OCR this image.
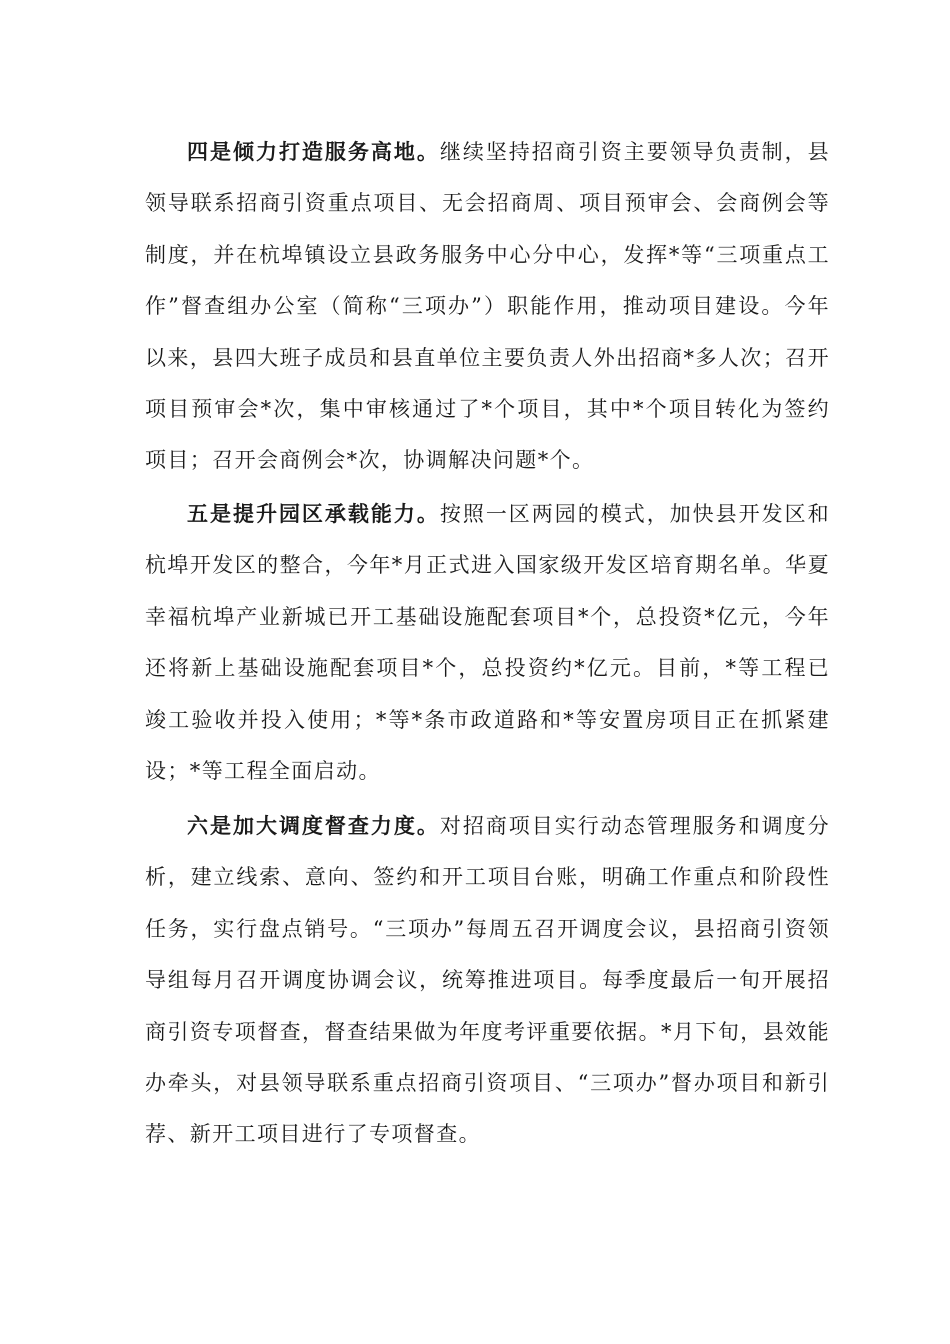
四是倾力打造服务高地。继续坚持招商引资主要领导负责制，县领导联系招商引资重点项目、无会招商周、项目预审会、会商例会等制度，并在杭埠镇设立县政务服务中心分中心，发挥*等“三项重点工作”督查组办公室（简称“三项办”）职能作用，推动项目建设。今年以来，县四大班子成员和县直单位主要负责人外出招商*多人次；召开项目预审会*次，集中审核通过了*个项目，其中*个项目转化为签约项目；召开会商例会*次，协调解决问题*个。

五是提升园区承载能力。按照一区两园的模式，加快县开发区和杭埠开发区的整合，今年*月正式进入国家级开发区培育期名单。华夏幸福杭埠产业新城已开工基础设施配套项目*个，总投资*亿元，今年还将新上基础设施配套项目*个，总投资约*亿元。目前，*等工程已竣工验收并投入使用；*等*条市政道路和*等安置房项目正在抓紧建设；*等工程全面启动。

六是加大调度督查力度。对招商项目实行动态管理服务和调度分析，建立线索、意向、签约和开工项目台账，明确工作重点和阶段性任务，实行盘点销号。“三项办”每周五召开调度会议，县招商引资领导组每月召开调度协调会议，统筹推进项目。每季度最后一旬开展招商引资专项督查，督查结果做为年度考评重要依据。*月下旬，县效能办牵头，对县领导联系重点招商引资项目、“三项办”督办项目和新引荐、新开工项目进行了专项督查。
